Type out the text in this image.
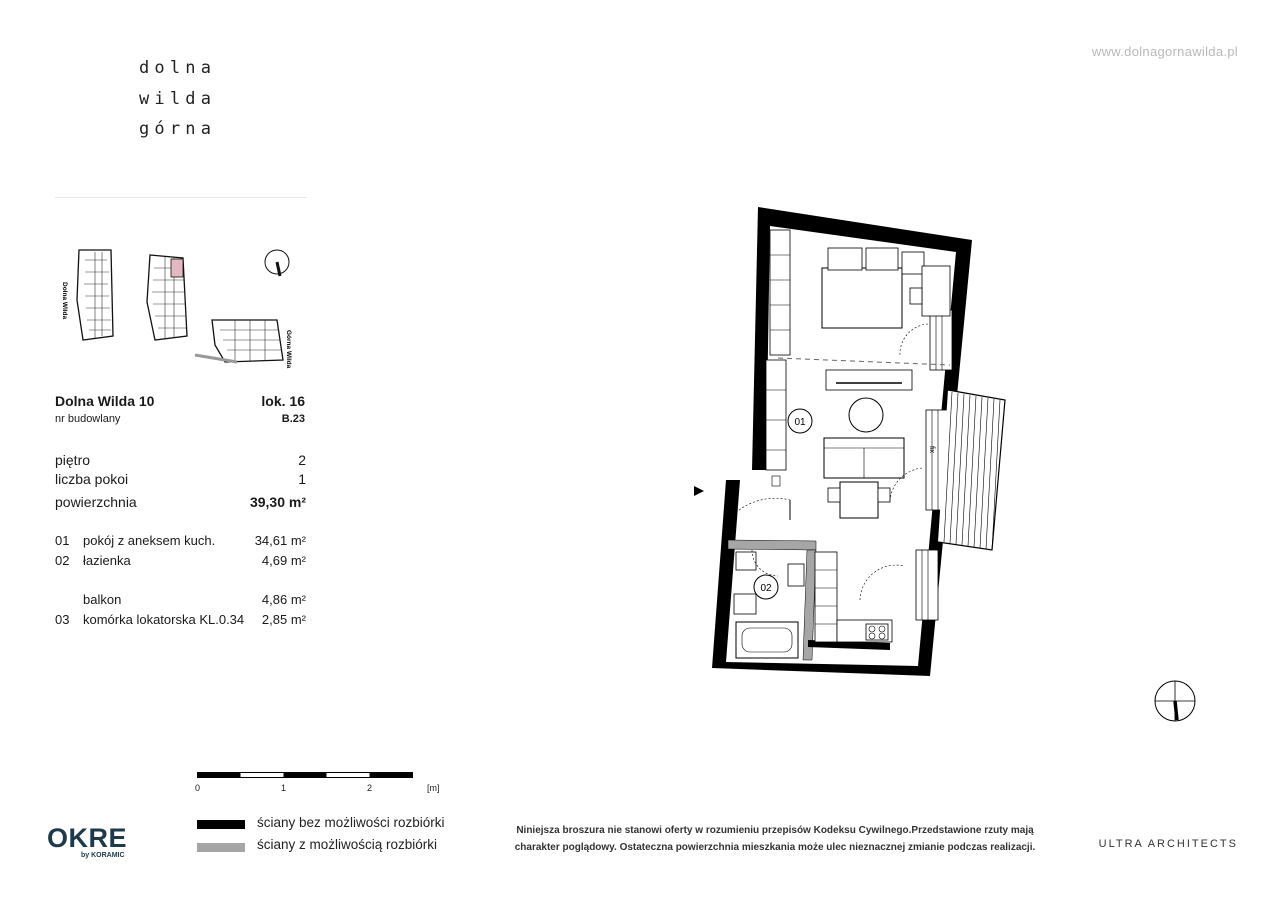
dolna
wilda
górna
www.dolnagornawilda.pl
Dolna Wilda
Górna Wilda
Dolna Wilda 10
nr budowlany
lok. 16
B.23
piętro	2
liczba pokoi	1
powierzchnia	39,30 m²
01 pokój z aneksem kuch.	34,61 m²
02 łazienka	4,69 m²
balkon	4,86 m²
03 komórka lokatorska KL.0.34 2,85 m²
0	1	2	[m]
ściany bez możliwości rozbiórki
ściany z możliwością rozbiórki
OKRE
by KORAMIC
Niniejsza broszura nie stanowi oferty w rozumieniu przepisów Kodeksu Cywilnego.Przedstawione rzuty mają
charakter poglądowy. Ostateczna powierzchnia mieszkania może ulec nieznacznej zmianie podczas realizacji.	ULTRA ARCHITECTS
01
02
fix
